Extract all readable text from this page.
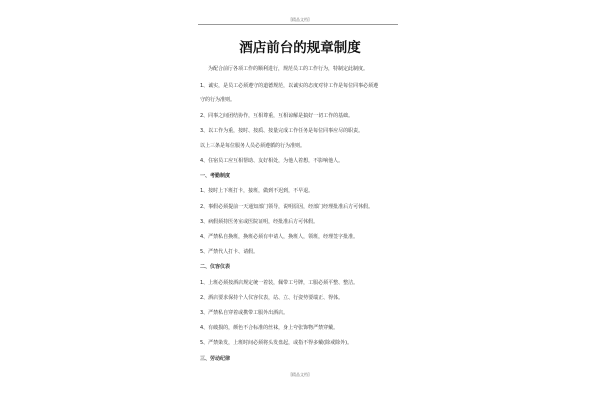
[精品文档]
酒店前台的规章制度
为配合前厅各项工作的顺利进行，规范员工的工作行为，特制定此制度。
1、诚实，是员工必须遵守的道德规范，以诚实的态度对待工作是每位同事必须遵
守的行为准则。
2、同事之间团结协作，互相尊重，互相谅解是搞好一切工作的基础。
3、以工作为重，按时、按质、按量完成工作任务是每位同事应尽的职责。
以上三条是每位服务人员必须遵循的行为准则。
4、住宿员工应互相帮助、友好相处，为他人着想，不影响他人。
一、考勤制度
1、按时上下班打卡，接班，做到不迟到，不早退。
2、事假必须提前一天通知部门领导，说明原因，经部门经理批准后方可休假。
3、病假须持医务室或医院证明，经批准后方可休假。
4、严禁私自换班，换班必须有申请人，换班人，领班，经理签字批准。
5、严禁代人打卡、请假。
二、仪容仪表
1、上班必须按酒店规定统一着装，佩带工号牌，工服必须平整、整洁。
2、酒店要求保持个人仪容仪表，站、立、行姿势要端正、得体。
3、严禁私自穿着或携带工服外出酒店。
4、有破损的，颜色不合标准的丝袜，身上夸张饰物严禁穿戴。
5、严禁染发，上班时间必须将头发盘起，或指不得多戴(除戒除外)。
三、劳动纪律
[精品文档]
